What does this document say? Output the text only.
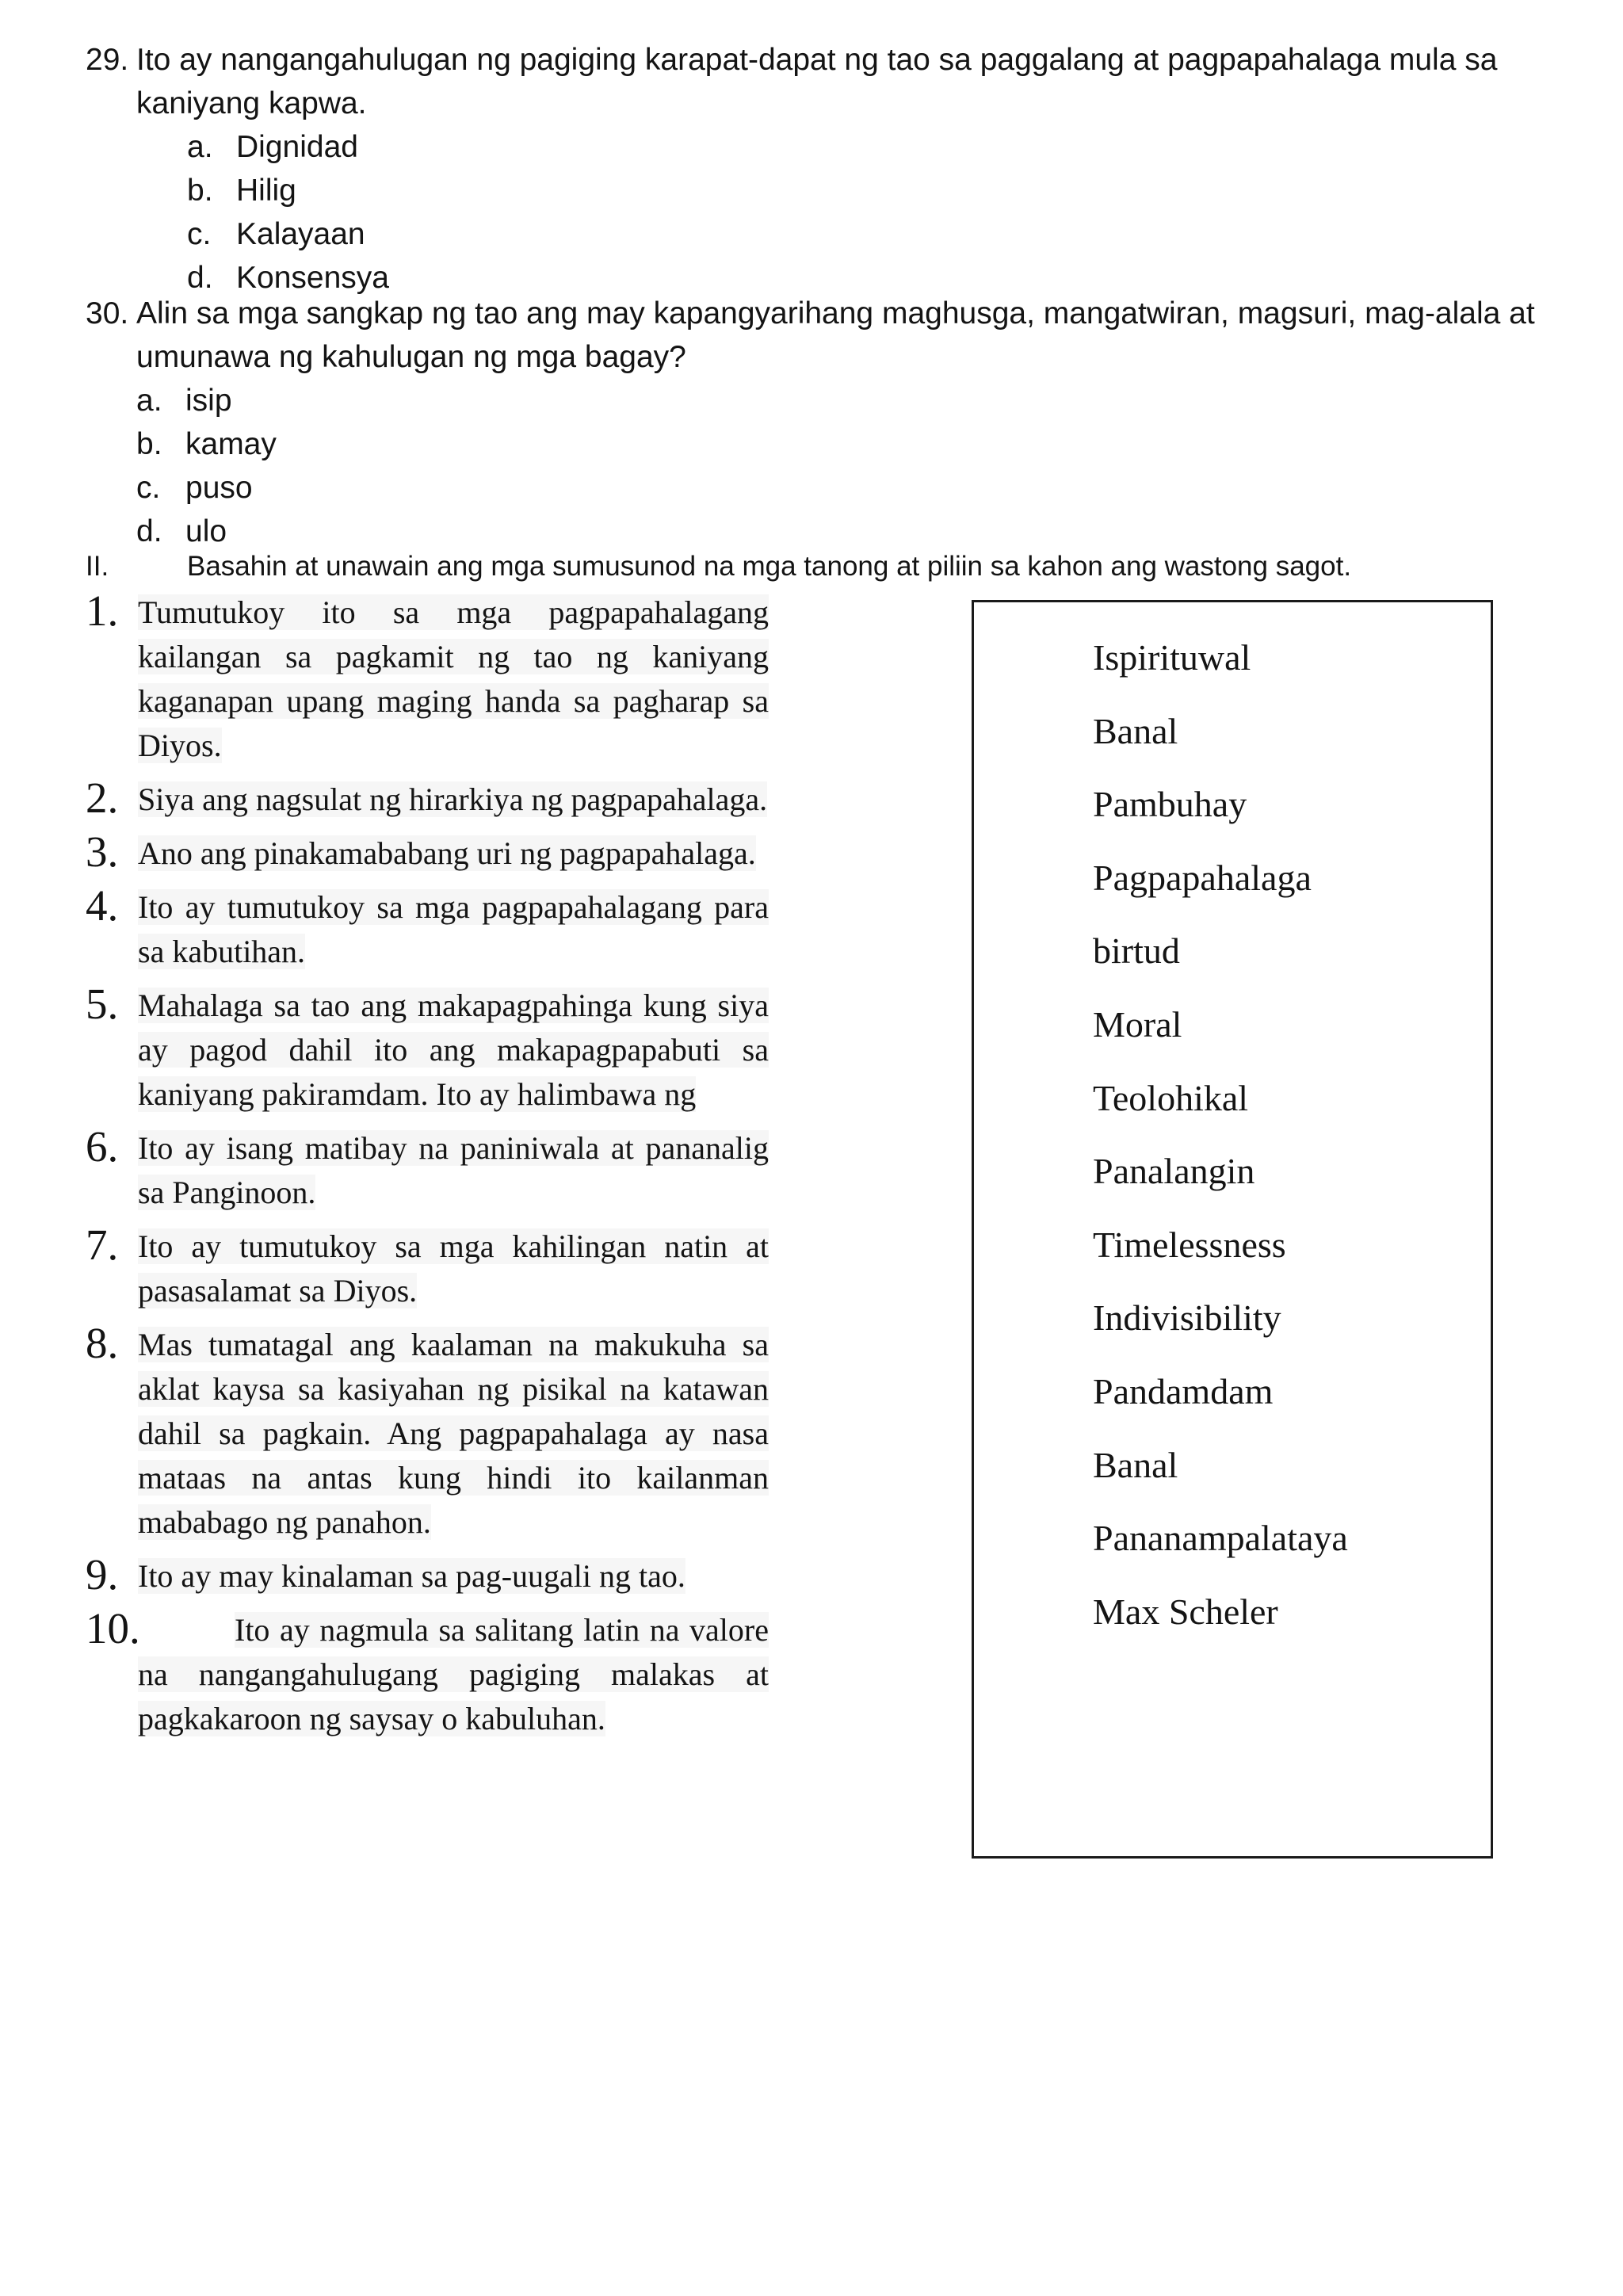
29. Ito ay nangangahulugan ng pagiging karapat-dapat ng tao sa paggalang at pagpapahalaga mula sa kaniyang kapwa.
a. Dignidad
b. Hilig
c. Kalayaan
d. Konsensya
30. Alin sa mga sangkap ng tao ang may kapangyarihang maghusga, mangatwiran, magsuri, mag-alala at umunawa ng kahulugan ng mga bagay?
a. isip
b. kamay
c. puso
d. ulo
II.	Basahin at unawain ang mga sumusunod na mga tanong at piliin sa kahon ang wastong sagot.
1. Tumutukoy ito sa mga pagpapahalagang kailangan sa pagkamit ng tao ng kaniyang kaganapan upang maging handa sa pagharap sa Diyos.
2. Siya ang nagsulat ng hirarkiya ng pagpapahalaga.
3. Ano ang pinakamababang uri ng pagpapahalaga.
4. Ito ay tumutukoy sa mga pagpapahalagang para sa kabutihan.
5. Mahalaga sa tao ang makapagpahinga kung siya ay pagod dahil ito ang makapagpapabuti sa kaniyang pakiramdam. Ito ay halimbawa ng
6. Ito ay isang matibay na paniniwala at pananalig sa Panginoon.
7. Ito ay tumutukoy sa mga kahilingan natin at pasasalamat sa Diyos.
8. Mas tumatagal ang kaalaman na makukuha sa aklat kaysa sa kasiyahan ng pisikal na katawan dahil sa pagkain. Ang pagpapahalaga ay nasa mataas na antas kung hindi ito kailanman mababago ng panahon.
9. Ito ay may kinalaman sa pag-uugali ng tao.
10.	Ito ay nagmula sa salitang latin na valore na nangangahulugang pagiging malakas at pagkakaroon ng saysay o kabuluhan.
Ispirituwal
Banal
Pambuhay
Pagpapahalaga
birtud
Moral
Teolohikal
Panalangin
Timelessness
Indivisibility
Pandamdam
Banal
Pananampalataya
Max Scheler
